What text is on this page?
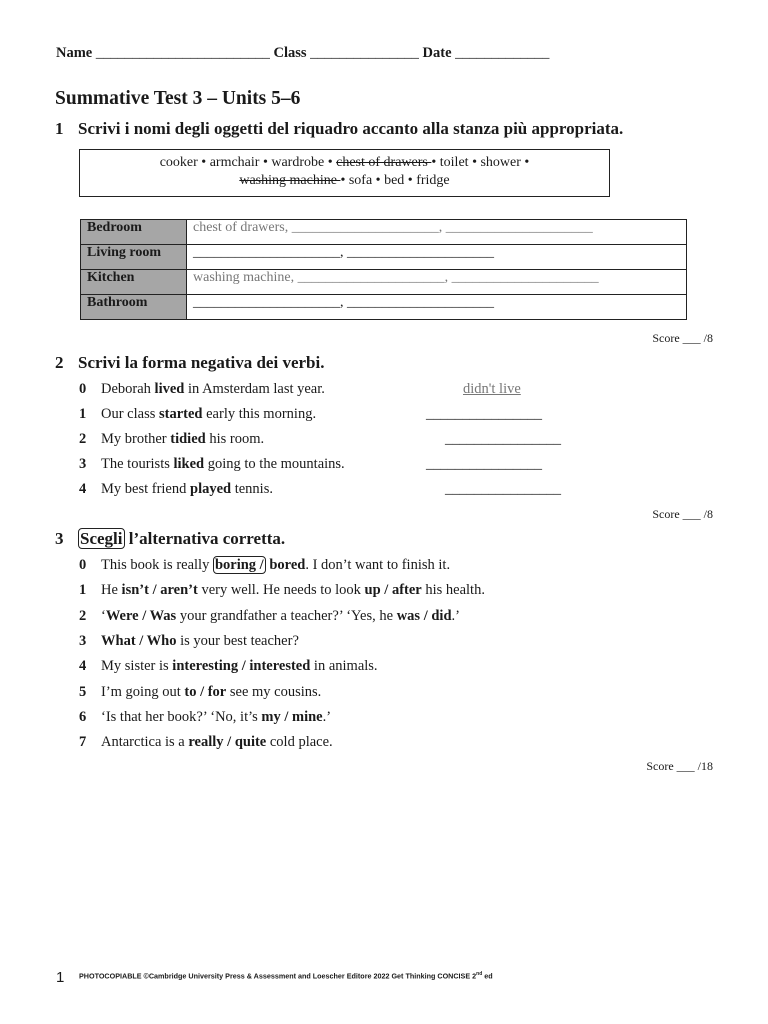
Name ________________________ Class _______________ Date _____________
Summative Test 3 – Units 5–6
1 Scrivi i nomi degli oggetti del riquadro accanto alla stanza più appropriata.
cooker • armchair • wardrobe • chest of drawers • toilet • shower •
washing machine • sofa • bed • fridge
Bedroom	chest of drawers, _____________________, _____________________
Living room	_____________________, _____________________
Kitchen	washing machine, _____________________, _____________________
Bathroom	_____________________, _____________________
Score ___ /8
2 Scrivi la forma negativa dei verbi.
0 Deborah lived in Amsterdam last year.	didn't live
1 Our class started early this morning.	________________
2 My brother tidied his room.	________________
3 The tourists liked going to the mountains.	________________
4 My best friend played tennis.	________________
Score ___ /8
3 Scegli l’alternativa corretta.
0 This book is really boring / bored. I don’t want to finish it.
1 He isn’t / aren’t very well. He needs to look up / after his health.
2 ‘Were / Was your grandfather a teacher?’ ‘Yes, he was / did.’
3 What / Who is your best teacher?
4 My sister is interesting / interested in animals.
5 I’m going out to / for see my cousins.
6 ‘Is that her book?’ ‘No, it’s my / mine.’
7 Antarctica is a really / quite cold place.
Score ___ /18
1 PHOTOCOPIABLE ©Cambridge University Press & Assessment and Loescher Editore 2022 Get Thinking CONCISE 2nd ed
